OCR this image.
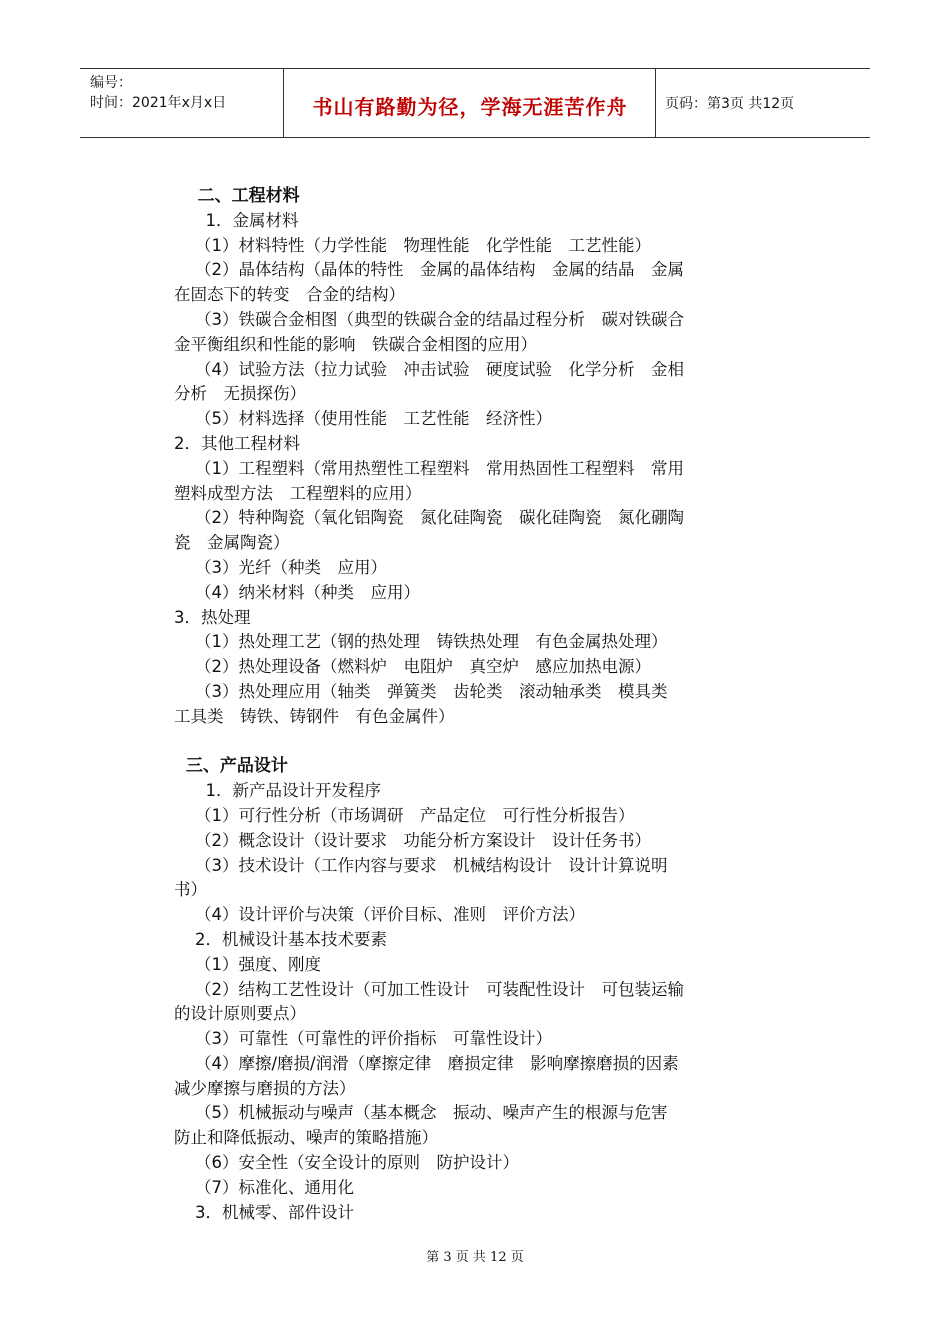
编号：
时间：2021年x月x日	书山有路勤为径，学海无涯苦作舟	页码：第3页 共12页
二、工程材料
1．金属材料
（1）材料特性（力学性能　物理性能　化学性能　工艺性能）
（2）晶体结构（晶体的特性　金属的晶体结构　金属的结晶　金属
在固态下的转变　合金的结构）
（3）铁碳合金相图（典型的铁碳合金的结晶过程分析　碳对铁碳合
金平衡组织和性能的影响　铁碳合金相图的应用）
（4）试验方法（拉力试验　冲击试验　硬度试验　化学分析　金相
分析　无损探伤）
（5）材料选择（使用性能　工艺性能　经济性）
2．其他工程材料
（1）工程塑料（常用热塑性工程塑料　常用热固性工程塑料　常用
塑料成型方法　工程塑料的应用）
（2）特种陶瓷（氧化铝陶瓷　氮化硅陶瓷　碳化硅陶瓷　氮化硼陶
瓷　金属陶瓷）
（3）光纤（种类　应用）
（4）纳米材料（种类　应用）
3．热处理
（1）热处理工艺（钢的热处理　铸铁热处理　有色金属热处理）
（2）热处理设备（燃料炉　电阻炉　真空炉　感应加热电源）
（3）热处理应用（轴类　弹簧类　齿轮类　滚动轴承类　模具类
工具类　铸铁、铸钢件　有色金属件）
三、产品设计
1．新产品设计开发程序
（1）可行性分析（市场调研　产品定位　可行性分析报告）
（2）概念设计（设计要求　功能分析方案设计　设计任务书）
（3）技术设计（工作内容与要求　机械结构设计　设计计算说明
书）
（4）设计评价与决策（评价目标、准则　评价方法）
2．机械设计基本技术要素
（1）强度、刚度
（2）结构工艺性设计（可加工性设计　可装配性设计　可包装运输
的设计原则要点）
（3）可靠性（可靠性的评价指标　可靠性设计）
（4）摩擦/磨损/润滑（摩擦定律　磨损定律　影响摩擦磨损的因素
减少摩擦与磨损的方法）
（5）机械振动与噪声（基本概念　振动、噪声产生的根源与危害
防止和降低振动、噪声的策略措施）
（6）安全性（安全设计的原则　防护设计）
（7）标准化、通用化
3．机械零、部件设计
第 3 页 共 12 页
